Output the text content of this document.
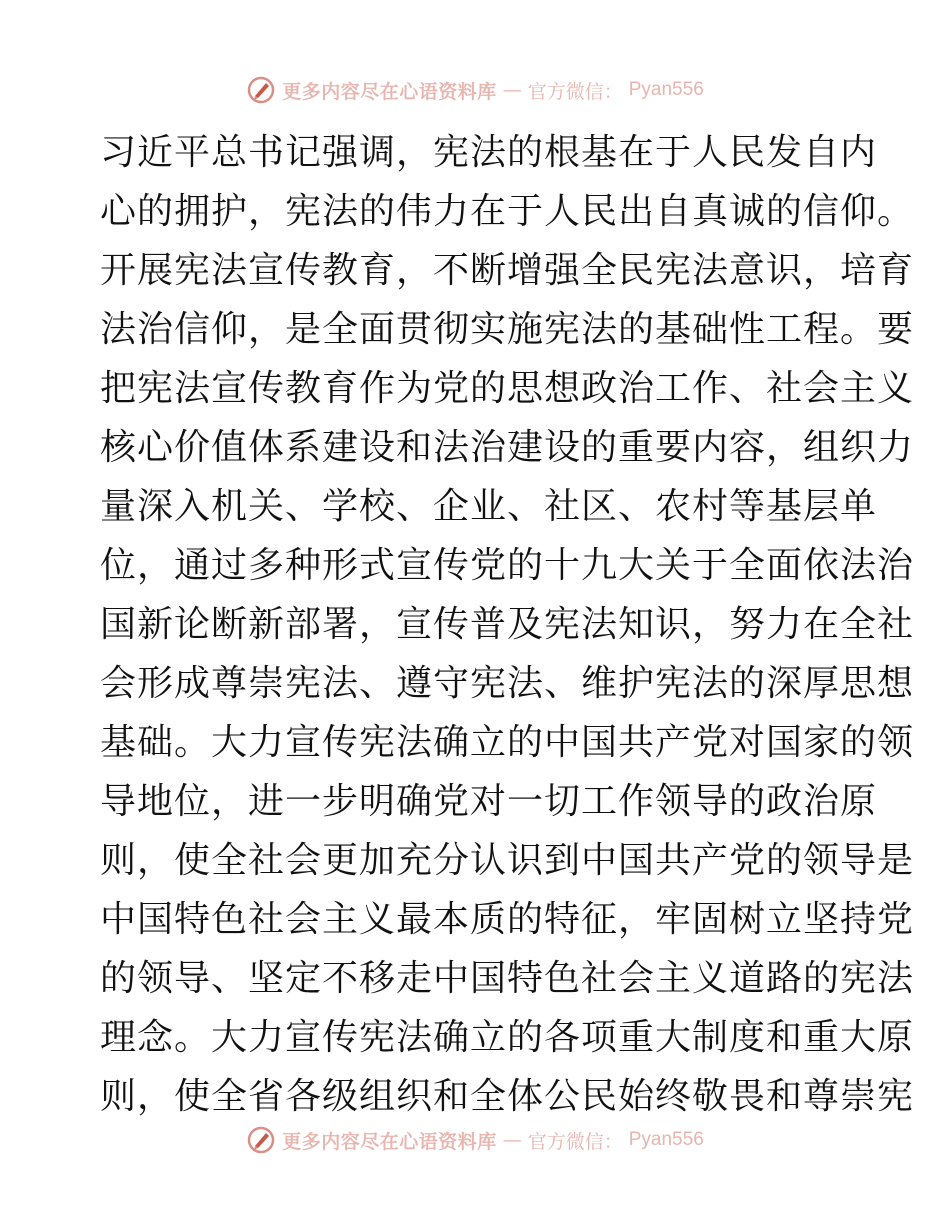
更多内容尽在心语资料库 — 官方微信： Pyan556
习近平总书记强调，宪法的根基在于人民发自内
心的拥护，宪法的伟力在于人民出自真诚的信仰。
开展宪法宣传教育，不断增强全民宪法意识，培育
法治信仰，是全面贯彻实施宪法的基础性工程。要
把宪法宣传教育作为党的思想政治工作、社会主义
核心价值体系建设和法治建设的重要内容，组织力
量深入机关、学校、企业、社区、农村等基层单
位，通过多种形式宣传党的十九大关于全面依法治
国新论断新部署，宣传普及宪法知识，努力在全社
会形成尊崇宪法、遵守宪法、维护宪法的深厚思想
基础。大力宣传宪法确立的中国共产党对国家的领
导地位，进一步明确党对一切工作领导的政治原
则，使全社会更加充分认识到中国共产党的领导是
中国特色社会主义最本质的特征，牢固树立坚持党
的领导、坚定不移走中国特色社会主义道路的宪法
理念。大力宣传宪法确立的各项重大制度和重大原
则，使全省各级组织和全体公民始终敬畏和尊崇宪
更多内容尽在心语资料库 — 官方微信： Pyan556
